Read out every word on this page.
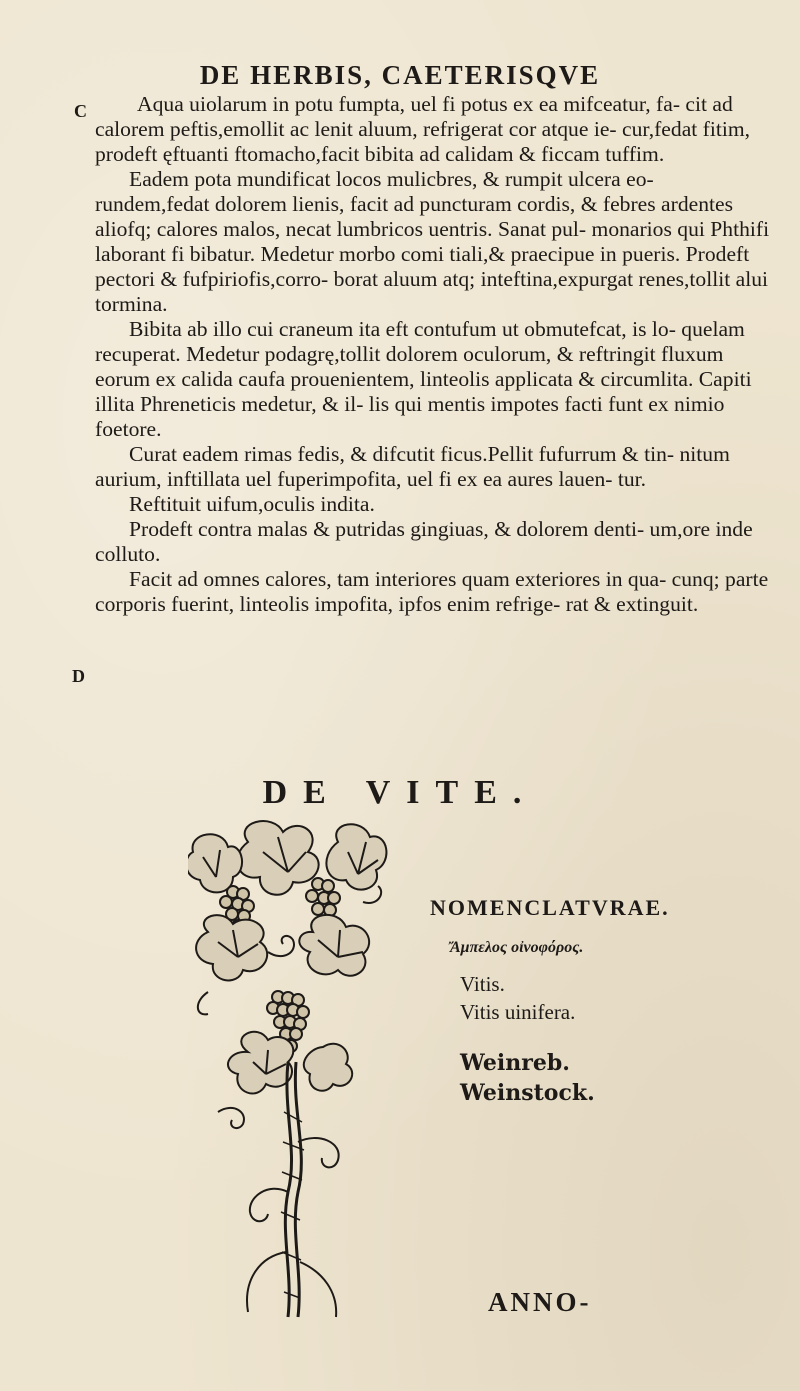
DE HERBIS, CAETERISQVE
C
D

Aqua uiolarum in potu fumpta, uel fi potus ex ea mifceatur, fa- cit ad calorem peftis,emollit ac lenit aluum, refrigerat cor atque ie- cur,fedat fitim, prodeft ęftuanti ftomacho,facit bibita ad calidam & ficcam tuffim.

Eadem pota mundificat locos mulicbres, & rumpit ulcera eo- rundem,fedat dolorem lienis, facit ad puncturam cordis, & febres ardentes aliofq; calores malos, necat lumbricos uentris. Sanat pul- monarios qui Phthifi laborant fi bibatur. Medetur morbo comi tiali,& praecipue in pueris. Prodeft pectori & fufpiriofis,corro- borat aluum atq; inteftina,expurgat renes,tollit alui tormina.

Bibita ab illo cui craneum ita eft contufum ut obmutefcat, is lo- quelam recuperat. Medetur podagrę,tollit dolorem oculorum, & reftringit fluxum eorum ex calida caufa prouenientem, linteolis applicata & circumlita. Capiti illita Phreneticis medetur, & il- lis qui mentis impotes facti funt ex nimio foetore.

Curat eadem rimas fedis, & difcutit ficus.Pellit fufurrum & tin- nitum aurium, inftillata uel fuperimpofita, uel fi ex ea aures lauen- tur.

Reftituit uifum,oculis indita.

Prodeft contra malas & putridas gingiuas, & dolorem denti- um,ore inde colluto.

Facit ad omnes calores, tam interiores quam exteriores in qua- cunq; parte corporis fuerint, linteolis impofita, ipfos enim refrige- rat & extinguit.

DE VITE.
NOMENCLATVRAE.
Ἄμπελος οἰνοφόρος.
Vitis.
Vitis uinifera.
Weinreb.
Weinstock.
ANNO-
